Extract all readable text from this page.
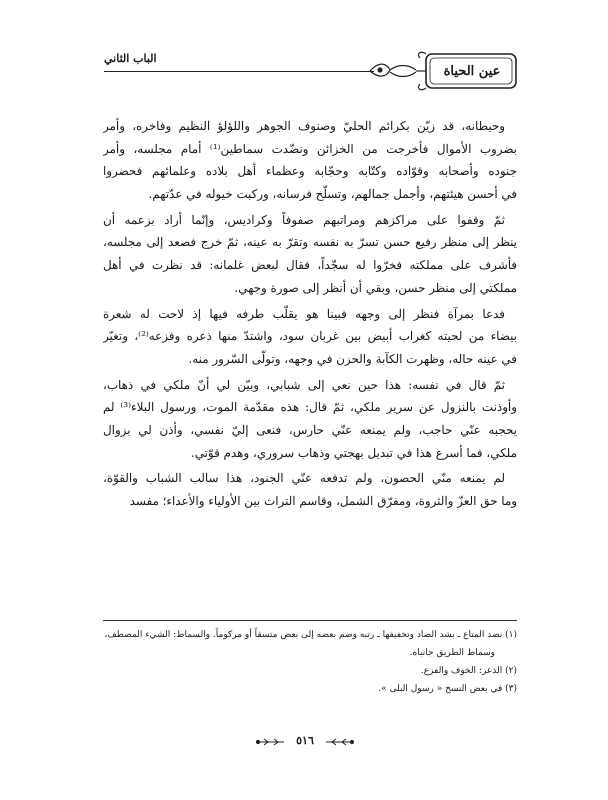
الباب الثاني
عين الحياة
وحيطانه، قد زيّن بكرائم الحليّ وصنوف الجوهر واللؤلؤ النظيم وفاخره، وأمر
بضروب الأموال فأخرجت من الخزائن ونضّدت سماطين⁽¹⁾ أمام مجلسه، وأمر
جنوده وأصحابه وقوّاده وكتّابه وحجّابه وعظماء أهل بلاده وعلمائهم فحضروا
في أحسن هيئتهم، وأجمل جمالهم، وتسلّح فرسانه، وركبت خيوله في عدّتهم.
ثمّ وقفوا على مراكزهم ومراتبهم صفوفاً وكراديس، وإنّما أراد بزعمه أن
ينظر إلى منظر رفيع حسن تسرّ به نفسه وتقرّ به عينه، ثمّ خرج فصعد إلى مجلسه،
فأشرف على مملكته فخرّوا له سجّداً، فقال لبعض غلمانه: قد نظرت في أهل
مملكتي إلى منظر حسن، وبقي أن أنظر إلى صورة وجهي.
فدعا بمرآة فنظر إلى وجهه فبينا هو يقلّب طرفه فيها إذ لاحت له شعرة
بيضاء من لحيته كغراب أبيض بين غربان سود، واشتدّ منها ذعره وفزعه⁽²⁾، وتغيّر
في عينه حاله، وظهرت الكآبة والحزن في وجهه، وتولّى السّرور منه.
ثمّ قال في نفسه: هذا حين نعي إلى شبابي، وبيّن لي أنّ ملكي في ذهاب،
وأوذنت بالنزول عن سرير ملكي، ثمّ قال: هذه مقدّمة الموت، ورسول البلاء⁽³⁾ لم
يحجبه عنّي حاجب، ولم يمنعه عنّي حارس، فنعى إليّ نفسي، وأذن لي بزوال
ملكي، فما أسرع هذا في تبديل بهجتي وذهاب سروري، وهدم قوّتي.
لم يمنعه منّي الحصون، ولم تدفعه عنّي الجنود، هذا سالب الشباب والقوّة،
وما حق العزّ والثروة، ومفرّق الشمل، وقاسم التراث بين الأولياء والأعداء؛ مفسد
(١) نضد المتاع ـ بشد الضاد وتخفيفها ـ رتبه وضم بعضه إلى بعض متسقاً أو مركوماً. والسماط: الشيء المصطف،
وسماط الطريق جانباه.
(٢) الذعر: الخوف والفزع.
(٣) في بعض النسخ « رسول البلى ».
٥١٦
